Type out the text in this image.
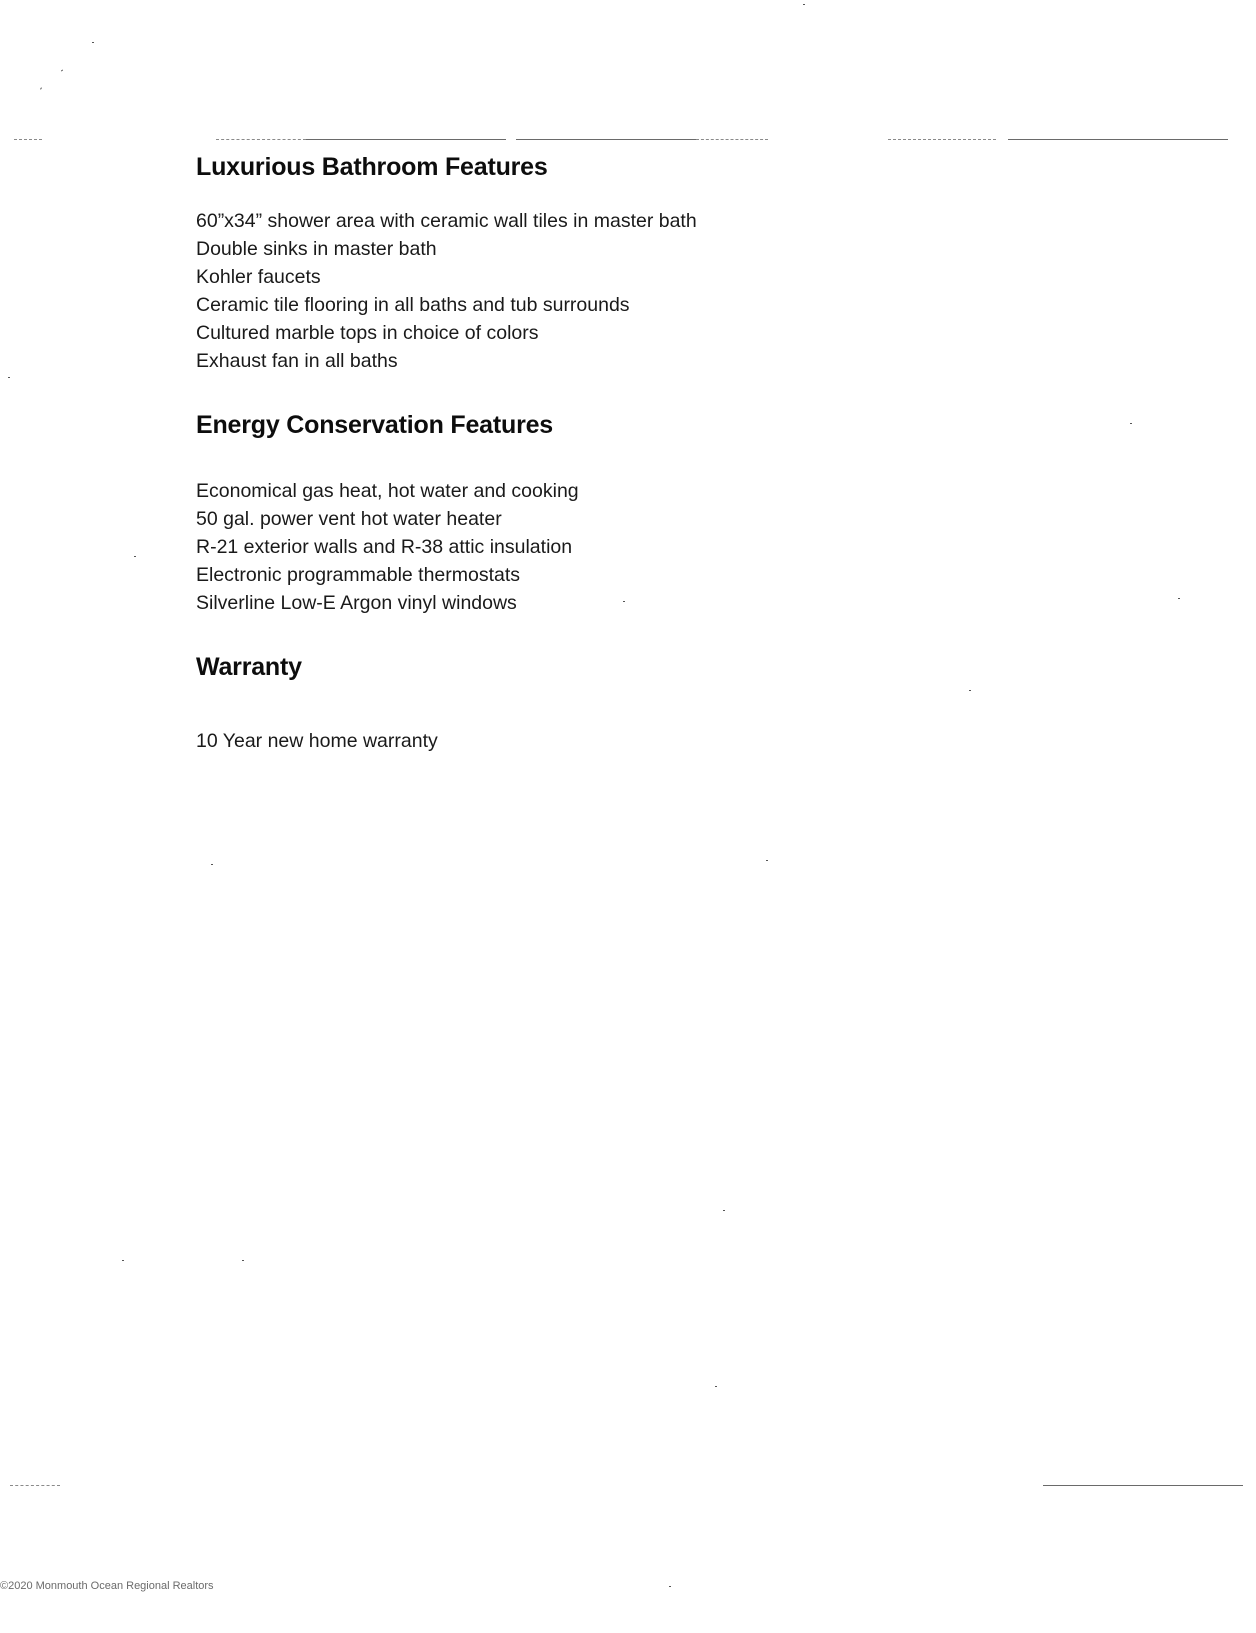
Luxurious Bathroom Features
60”x34” shower area with ceramic wall tiles in master bath
Double sinks in master bath
Kohler faucets
Ceramic tile flooring in all baths and tub surrounds
Cultured marble tops in choice of colors
Exhaust fan in all baths
Energy Conservation Features
Economical gas heat, hot water and cooking
50 gal. power vent hot water heater
R-21 exterior walls and R-38 attic insulation
Electronic programmable thermostats
Silverline Low-E Argon vinyl windows
Warranty
10 Year new home warranty
©2020 Monmouth Ocean Regional Realtors
